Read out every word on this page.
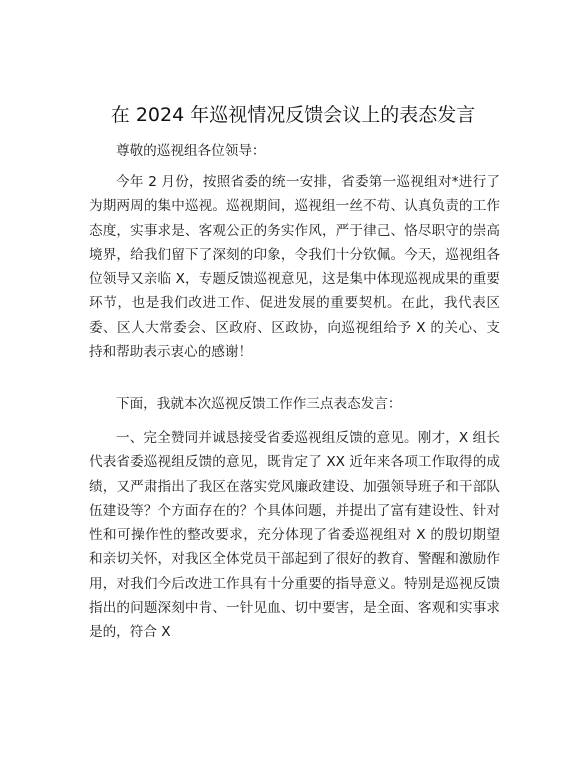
在 2024 年巡视情况反馈会议上的表态发言

尊敬的巡视组各位领导：

今年 2 月份，按照省委的统一安排，省委第一巡视组对*进行了为期两周的集中巡视。巡视期间，巡视组一丝不苟、认真负责的工作态度，实事求是、客观公正的务实作风，严于律己、恪尽职守的崇高境界，给我们留下了深刻的印象，令我们十分钦佩。今天，巡视组各位领导又亲临 X，专题反馈巡视意见，这是集中体现巡视成果的重要环节，也是我们改进工作、促进发展的重要契机。在此，我代表区委、区人大常委会、区政府、区政协，向巡视组给予 X 的关心、支持和帮助表示衷心的感谢！

下面，我就本次巡视反馈工作作三点表态发言：

一、完全赞同并诚恳接受省委巡视组反馈的意见。刚才，X 组长代表省委巡视组反馈的意见，既肯定了 XX 近年来各项工作取得的成绩，又严肃指出了我区在落实党风廉政建设、加强领导班子和干部队伍建设等？个方面存在的？个具体问题，并提出了富有建设性、针对性和可操作性的整改要求，充分体现了省委巡视组对 X 的殷切期望和亲切关怀，对我区全体党员干部起到了很好的教育、警醒和激励作用，对我们今后改进工作具有十分重要的指导意义。特别是巡视反馈指出的问题深刻中肯、一针见血、切中要害，是全面、客观和实事求是的，符合 X
